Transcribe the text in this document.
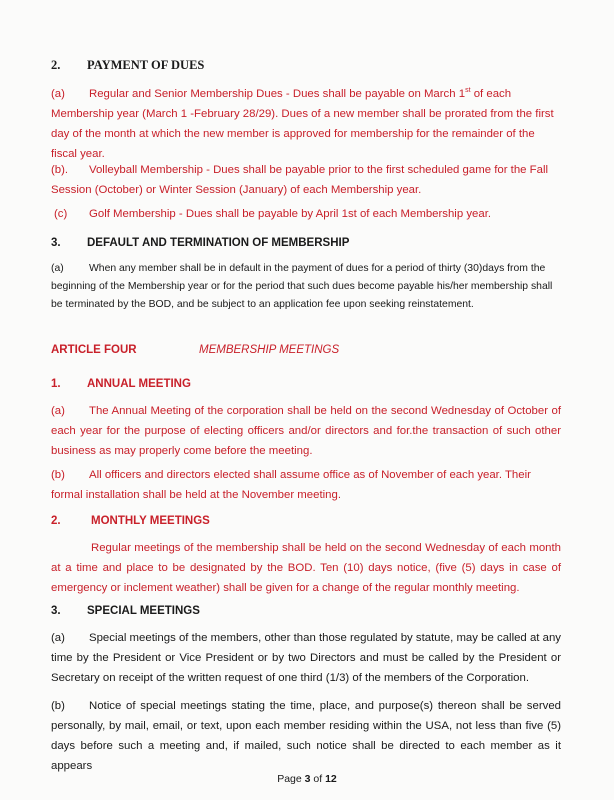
2. PAYMENT OF DUES

(a) Regular and Senior Membership Dues - Dues shall be payable on March 1st of each Membership year (March 1 -February 28/29). Dues of a new member shall be prorated from the first day of the month at which the new member is approved for membership for the remainder of the fiscal year.

(b). Volleyball Membership - Dues shall be payable prior to the first scheduled game for the Fall Session (October) or Winter Session (January) of each Membership year.

(c) Golf Membership - Dues shall be payable by April 1st of each Membership year.

3. DEFAULT AND TERMINATION OF MEMBERSHIP

(a) When any member shall be in default in the payment of dues for a period of thirty (30)days from the beginning of the Membership year or for the period that such dues become payable his/her membership shall be terminated by the BOD, and be subject to an application fee upon seeking reinstatement.

ARTICLE FOUR	MEMBERSHIP MEETINGS

1. ANNUAL MEETING

(a) The Annual Meeting of the corporation shall be held on the second Wednesday of October of each year for the purpose of electing officers and/or directors and for.the transaction of such other business as may properly come before the meeting.

(b) All officers and directors elected shall assume office as of November of each year. Their formal installation shall be held at the November meeting.

2.	MONTHLY MEETINGS

Regular meetings of the membership shall be held on the second Wednesday of each month at a time and place to be designated by the BOD. Ten (10) days notice, (five (5) days in case of emergency or inclement weather) shall be given for a change of the regular monthly meeting.

3. SPECIAL MEETINGS

(a) Special meetings of the members, other than those regulated by statute, may be called at any time by the President or Vice President or by two Directors and must be called by the President or Secretary on receipt of the written request of one third (1/3) of the members of the Corporation.

(b) Notice of special meetings stating the time, place, and purpose(s) thereon shall be served personally, by mail, email, or text, upon each member residing within the USA, not less than five (5) days before such a meeting and, if mailed, such notice shall be directed to each member as it appears

Page 3 of 12
